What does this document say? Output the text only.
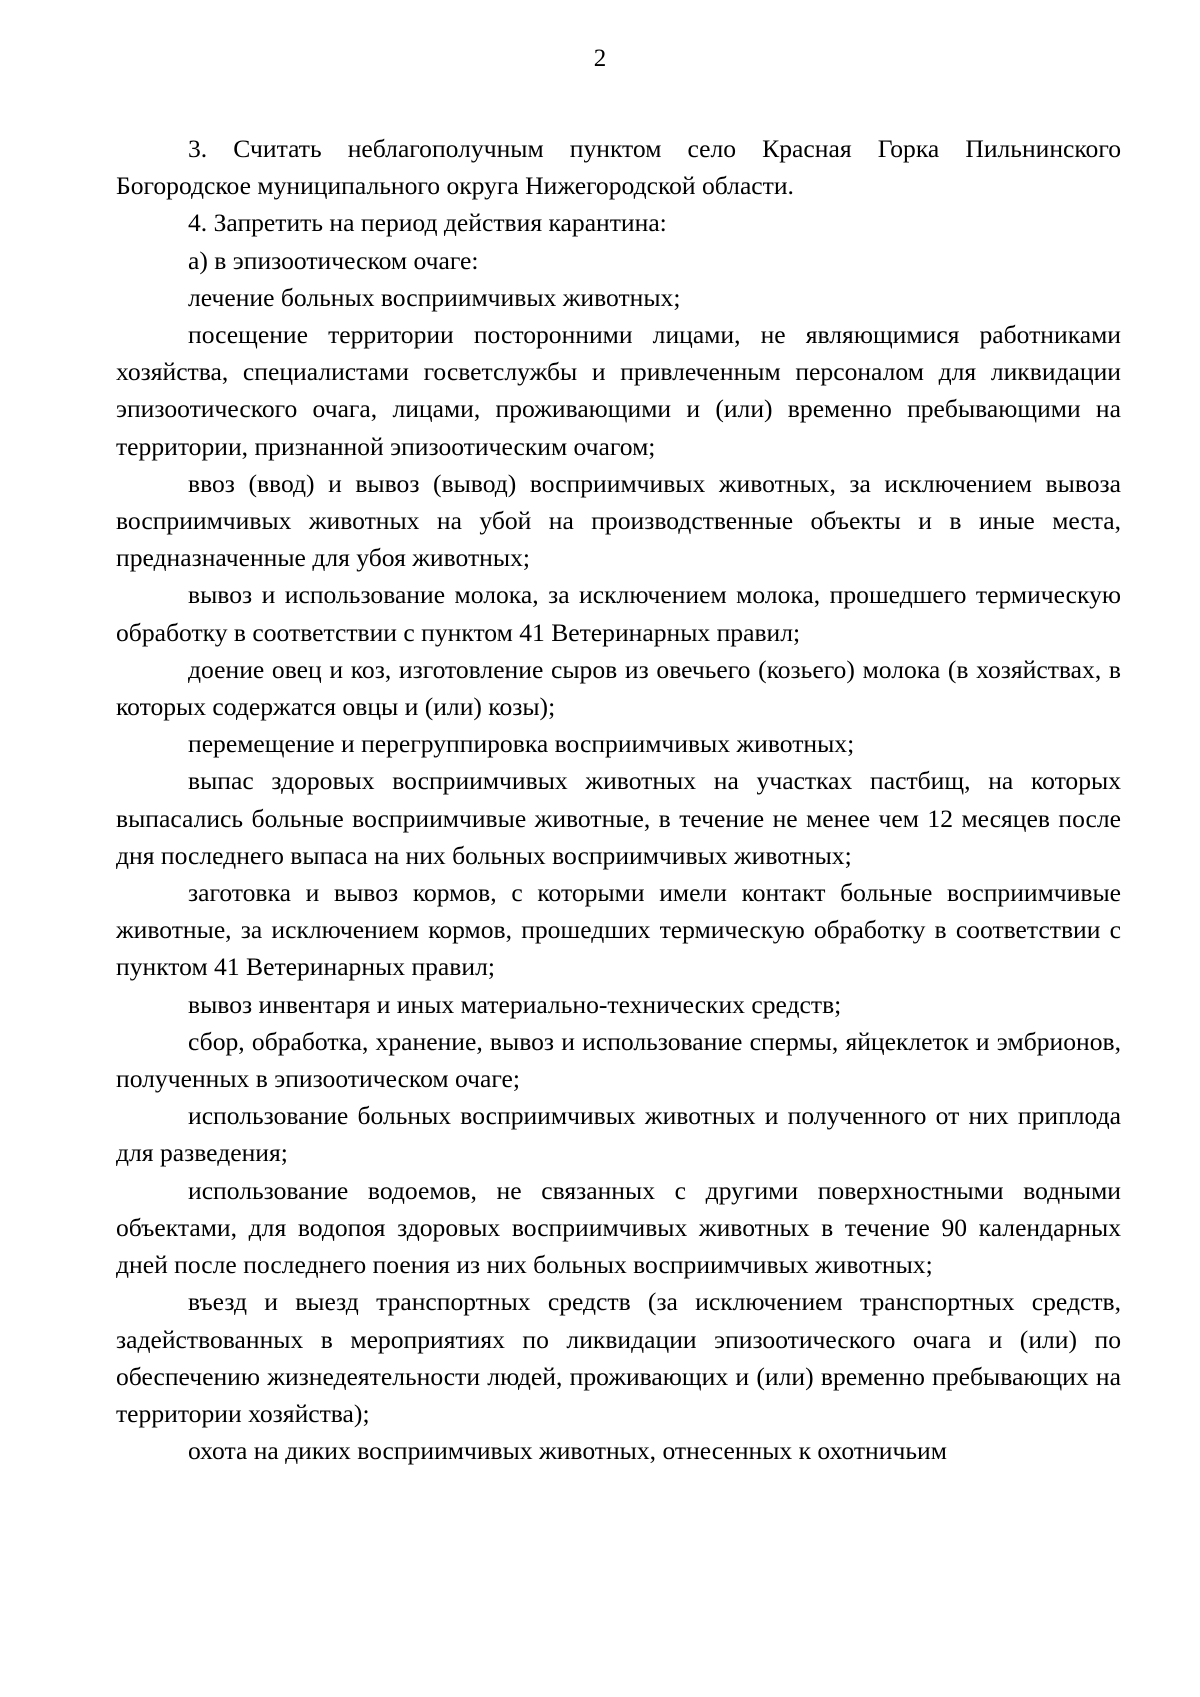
2

3. Считать неблагополучным пунктом село Красная Горка Пильнинского Богородское муниципального округа Нижегородской области.

4. Запретить на период действия карантина:

а) в эпизоотическом очаге:

лечение больных восприимчивых животных;

посещение территории посторонними лицами, не являющимися работниками хозяйства, специалистами госветслужбы и привлеченным персоналом для ликвидации эпизоотического очага, лицами, проживающими и (или) временно пребывающими на территории, признанной эпизоотическим очагом;

ввоз (ввод) и вывоз (вывод) восприимчивых животных, за исключением вывоза восприимчивых животных на убой на производственные объекты и в иные места, предназначенные для убоя животных;

вывоз и использование молока, за исключением молока, прошедшего термическую обработку в соответствии с пунктом 41 Ветеринарных правил;

доение овец и коз, изготовление сыров из овечьего (козьего) молока (в хозяйствах, в которых содержатся овцы и (или) козы);

перемещение и перегруппировка восприимчивых животных;

выпас здоровых восприимчивых животных на участках пастбищ, на которых выпасались больные восприимчивые животные, в течение не менее чем 12 месяцев после дня последнего выпаса на них больных восприимчивых животных;

заготовка и вывоз кормов, с которыми имели контакт больные восприимчивые животные, за исключением кормов, прошедших термическую обработку в соответствии с пунктом 41 Ветеринарных правил;

вывоз инвентаря и иных материально-технических средств;

сбор, обработка, хранение, вывоз и использование спермы, яйцеклеток и эмбрионов, полученных в эпизоотическом очаге;

использование больных восприимчивых животных и полученного от них приплода для разведения;

использование водоемов, не связанных с другими поверхностными водными объектами, для водопоя здоровых восприимчивых животных в течение 90 календарных дней после последнего поения из них больных восприимчивых животных;

въезд и выезд транспортных средств (за исключением транспортных средств, задействованных в мероприятиях по ликвидации эпизоотического очага и (или) по обеспечению жизнедеятельности людей, проживающих и (или) временно пребывающих на территории хозяйства);

охота на диких восприимчивых животных, отнесенных к охотничьим
